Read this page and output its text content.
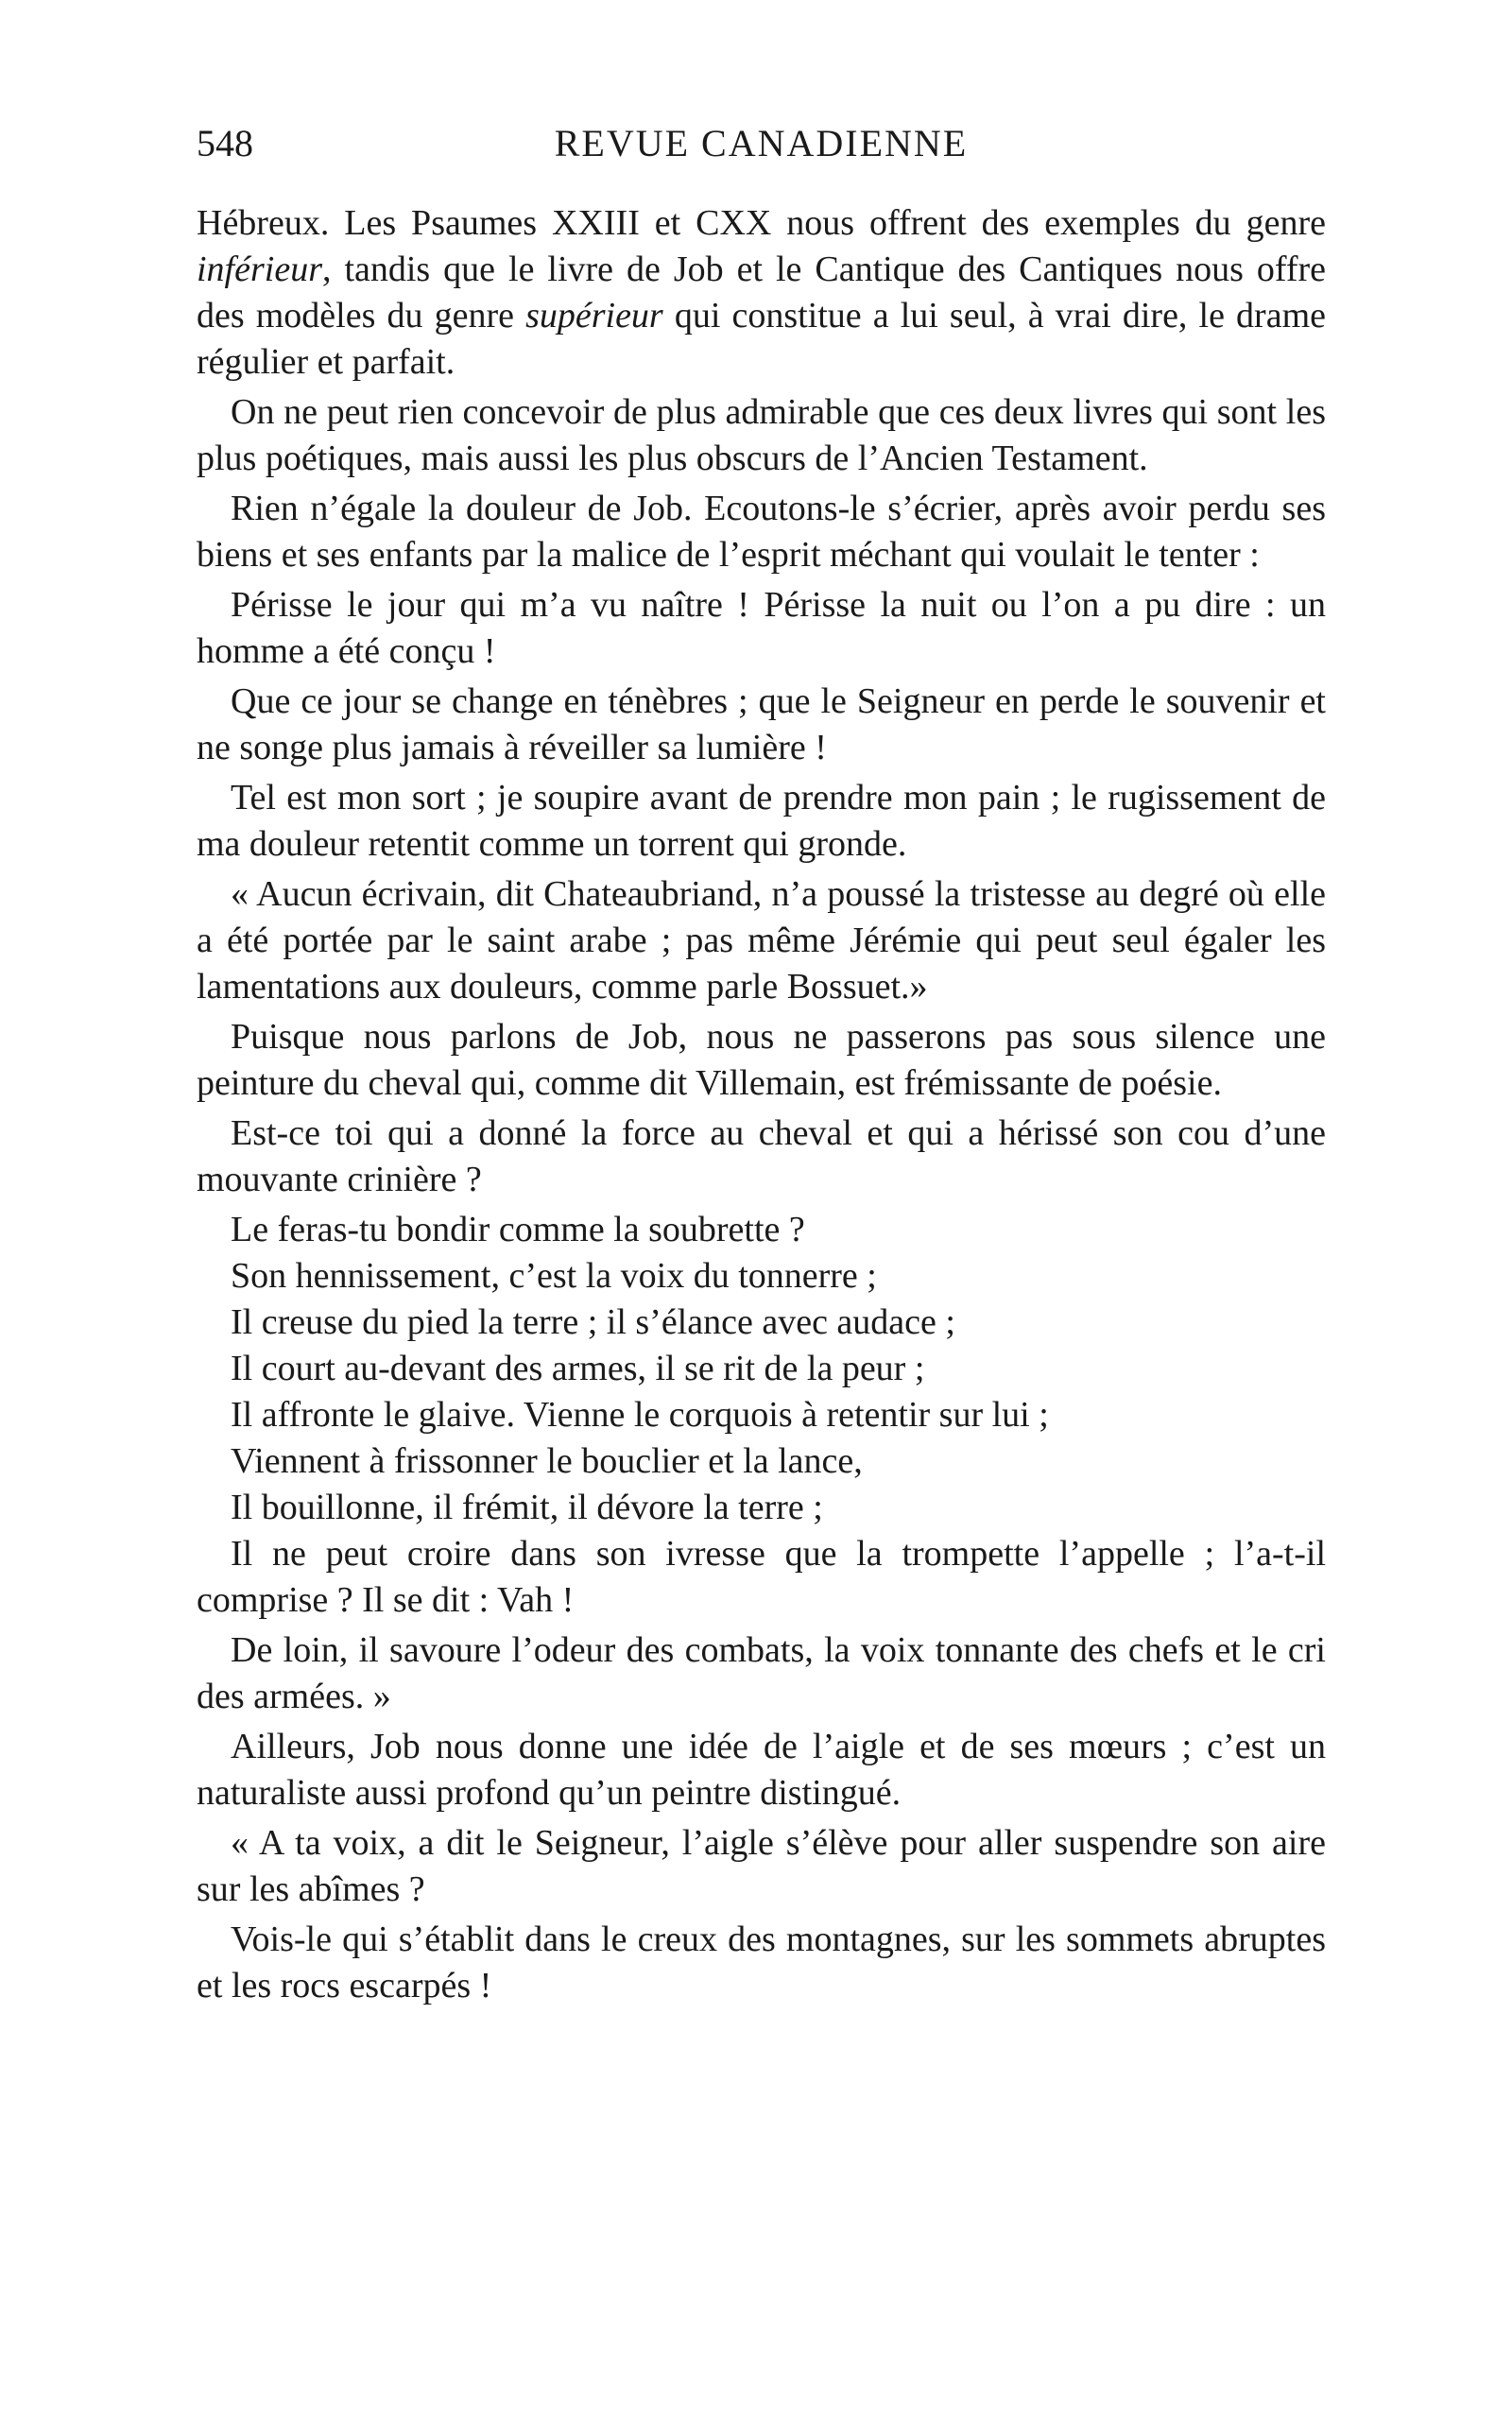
548	REVUE CANADIENNE

Hébreux. Les Psaumes XXIII et CXX nous offrent des exemples du genre inférieur, tandis que le livre de Job et le Cantique des Cantiques nous offre des modèles du genre supérieur qui constitue a lui seul, à vrai dire, le drame régulier et parfait.

On ne peut rien concevoir de plus admirable que ces deux livres qui sont les plus poétiques, mais aussi les plus obscurs de l’Ancien Testament.

Rien n’égale la douleur de Job. Ecoutons-le s’écrier, après avoir perdu ses biens et ses enfants par la malice de l’esprit méchant qui voulait le tenter :

Périsse le jour qui m’a vu naître ! Périsse la nuit ou l’on a pu dire : un homme a été conçu !

Que ce jour se change en ténèbres ; que le Seigneur en perde le souvenir et ne songe plus jamais à réveiller sa lumière !

Tel est mon sort ; je soupire avant de prendre mon pain ; le rugissement de ma douleur retentit comme un torrent qui gronde.

« Aucun écrivain, dit Chateaubriand, n’a poussé la tristesse au degré où elle a été portée par le saint arabe ; pas même Jérémie qui peut seul égaler les lamentations aux douleurs, comme parle Bossuet.»

Puisque nous parlons de Job, nous ne passerons pas sous silence une peinture du cheval qui, comme dit Villemain, est frémissante de poésie.

Est-ce toi qui a donné la force au cheval et qui a hérissé son cou d’une mouvante crinière ?

Le feras-tu bondir comme la soubrette ?

Son hennissement, c’est la voix du tonnerre ;

Il creuse du pied la terre ; il s’élance avec audace ;

Il court au-devant des armes, il se rit de la peur ;

Il affronte le glaive. Vienne le corquois à retentir sur lui ;

Viennent à frissonner le bouclier et la lance,

Il bouillonne, il frémit, il dévore la terre ;

Il ne peut croire dans son ivresse que la trompette l’appelle ; l’a-t-il comprise ? Il se dit : Vah !

De loin, il savoure l’odeur des combats, la voix tonnante des chefs et le cri des armées. »

Ailleurs, Job nous donne une idée de l’aigle et de ses mœurs ; c’est un naturaliste aussi profond qu’un peintre distingué.

« A ta voix, a dit le Seigneur, l’aigle s’élève pour aller suspendre son aire sur les abîmes ?

Vois-le qui s’établit dans le creux des montagnes, sur les sommets abruptes et les rocs escarpés !
